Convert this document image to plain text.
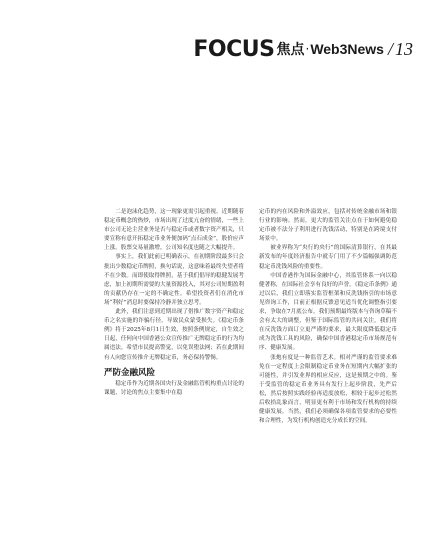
FOCUS 焦点 · Web3News / 13

二是泡沫化趋势，这一现象更需引起重视。近期随着稳定币概念的热炒，市场出现了过度亢奋的情绪，一些上市公司无论主营业务是否与稳定币或者数字资产相关，只要宣称有意开拓稳定币业务便加码“点石成金”，股价应声上涨。股票交易量激增，公司知名度也随之大幅提升。

事实上，我们此前已明确表示，在初期阶段最多只会批出少数稳定币牌照，换句话说，这意味着最终失望者将不在少数。而即使取得牌照，基于我们倡导的稳健发展考虑，加上初期所需要的大量资源投入，其对公司短期盈利的贡献仍存在一定的不确定性。希望投资者们在消化市场“利好”消息时要保持冷静并独立思考。

此外，我们注意到近期出现了借推广数字资产和稳定币之名实施的诈骗行径，导致民众蒙受损失。《稳定币条例》将于2025年8月1日生效，按照条例规定，自生效之日起，任何向中国香港公众宣传推广无牌稳定币的行为均属违法。希望市民提高警觉，以免误堕法网；若在此期间有人向您宣传推介无牌稳定币，务必保持警惕。

严防金融风险

稳定币作为近期各国央行及金融监管机构重点讨论的课题，讨论的焦点主要集中在稳

定币的内在风险和外溢效应，包括对传统金融市场和银行业的影响。然而，更大的监管关注点在于如何避免稳定币被不法分子利用进行洗钱活动，特别是在跨境支付场景中。

被业界称为“央行的央行”的国际清算银行，在其最新发布的年度经济报告中就专门用了不少篇幅强调防范稳定币洗钱风险的重要性。

中国香港作为国际金融中心，其监管体系一向以稳健著称，在国际社会享有良好的声誉。《稳定币条例》通过以后，我们立即落实监管框架和反洗钱指引的市场意见咨询工作，目前正根据反馈意见适当优化调整指引要求，争取在7月底公布。我们预期最终版本与咨询草稿不会有太大的调整，但鉴于国际监管的共同关注，我们将在反洗钱方面订立更严谨的要求，最大限度降低稳定币成为洗钱工具的风险，确保中国香港稳定币市场规范有序、健康发展。

张炮有度是一种监管艺术。相对严谨的监管要求难免在一定程度上会限制稳定币业务在短期内大幅扩张的可能性，并引发业界的相应反应，这是预期之中的。鉴于受监管的稳定币业务具有发行上起步阶段，先严后松，然后按照实践经验再适度放松，相较于起步过松然后收拾乱象而言，明显更有利于市场和发行机构的持续健康发展。当然，我们必须确保各项监管要求的必要性和合理性，为发行机构创造充分成长的空间。
